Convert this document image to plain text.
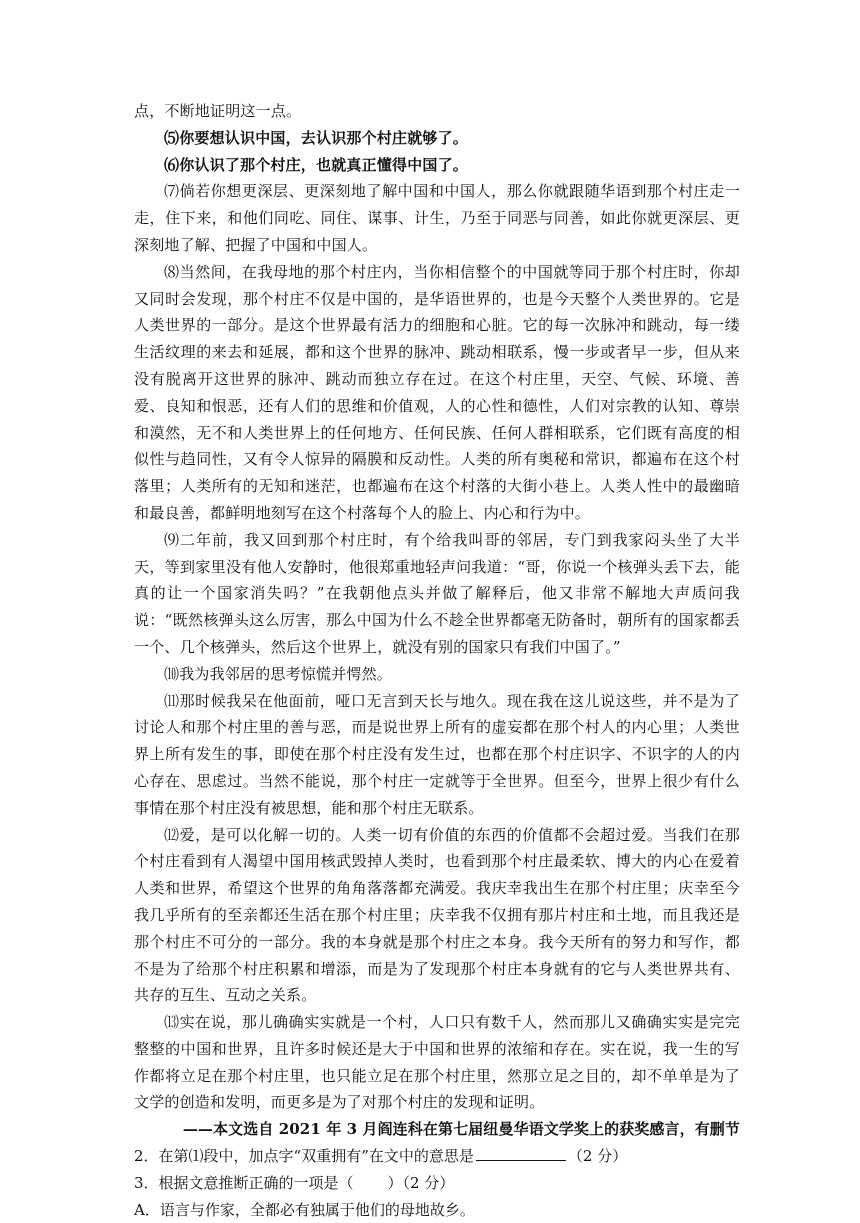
点，不断地证明这一点。

⑸你要想认识中国，去认识那个村庄就够了。

⑹你认识了那个村庄，也就真正懂得中国了。

⑺倘若你想更深层、更深刻地了解中国和中国人，那么你就跟随华语到那个村庄走一走，住下来，和他们同吃、同住、谋事、计生，乃至于同恶与同善，如此你就更深层、更深刻地了解、把握了中国和中国人。

⑻当然间，在我母地的那个村庄内，当你相信整个的中国就等同于那个村庄时，你却又同时会发现，那个村庄不仅是中国的，是华语世界的，也是今天整个人类世界的。它是人类世界的一部分。是这个世界最有活力的细胞和心脏。它的每一次脉冲和跳动，每一缕生活纹理的来去和延展，都和这个世界的脉冲、跳动相联系，慢一步或者早一步，但从来没有脱离开这世界的脉冲、跳动而独立存在过。在这个村庄里，天空、气候、环境、善爱、良知和恨恶，还有人们的思维和价值观，人的心性和德性，人们对宗教的认知、尊崇和漠然，无不和人类世界上的任何地方、任何民族、任何人群相联系，它们既有高度的相似性与趋同性，又有令人惊异的隔膜和反动性。人类的所有奥秘和常识，都遍布在这个村落里；人类所有的无知和迷茫，也都遍布在这个村落的大街小巷上。人类人性中的最幽暗和最良善，都鲜明地刻写在这个村落每个人的脸上、内心和行为中。

⑼二年前，我又回到那个村庄时，有个给我叫哥的邻居，专门到我家闷头坐了大半天，等到家里没有他人安静时，他很郑重地轻声问我道：“哥，你说一个核弹头丢下去，能真的让一个国家消失吗？”在我朝他点头并做了解释后，他又非常不解地大声质问我说：“既然核弹头这么厉害，那么中国为什么不趁全世界都毫无防备时，朝所有的国家都丢一个、几个核弹头，然后这个世界上，就没有别的国家只有我们中国了。”

⑽我为我邻居的思考惊慌并愕然。

⑾那时候我呆在他面前，哑口无言到天长与地久。现在我在这儿说这些，并不是为了讨论人和那个村庄里的善与恶，而是说世界上所有的虚妄都在那个村人的内心里；人类世界上所有发生的事，即使在那个村庄没有发生过，也都在那个村庄识字、不识字的人的内心存在、思虑过。当然不能说，那个村庄一定就等于全世界。但至今，世界上很少有什么事情在那个村庄没有被思想，能和那个村庄无联系。

⑿爱，是可以化解一切的。人类一切有价值的东西的价值都不会超过爱。当我们在那个村庄看到有人渴望中国用核武毁掉人类时，也看到那个村庄最柔软、博大的内心在爱着人类和世界，希望这个世界的角角落落都充满爱。我庆幸我出生在那个村庄里；庆幸至今我几乎所有的至亲都还生活在那个村庄里；庆幸我不仅拥有那片村庄和土地，而且我还是那个村庄不可分的一部分。我的本身就是那个村庄之本身。我今天所有的努力和写作，都不是为了给那个村庄积累和增添，而是为了发现那个村庄本身就有的它与人类世界共有、共存的互生、互动之关系。

⒀实在说，那儿确确实实就是一个村，人口只有数千人，然而那儿又确确实实是完完整整的中国和世界，且许多时候还是大于中国和世界的浓缩和存在。实在说，我一生的写作都将立足在那个村庄里，也只能立足在那个村庄里，然那立足之目的，却不单单是为了文学的创造和发明，而更多是为了对那个村庄的发现和证明。

——本文选自 2021 年 3 月阎连科在第七届纽曼华语文学奖上的获奖感言，有删节

2．在第⑴段中，加点字“双重拥有”在文中的意思是	（2 分）

3．根据文意推断正确的一项是（ ）（2 分）

A．语言与作家，全都必有独属于他们的母地故乡。
